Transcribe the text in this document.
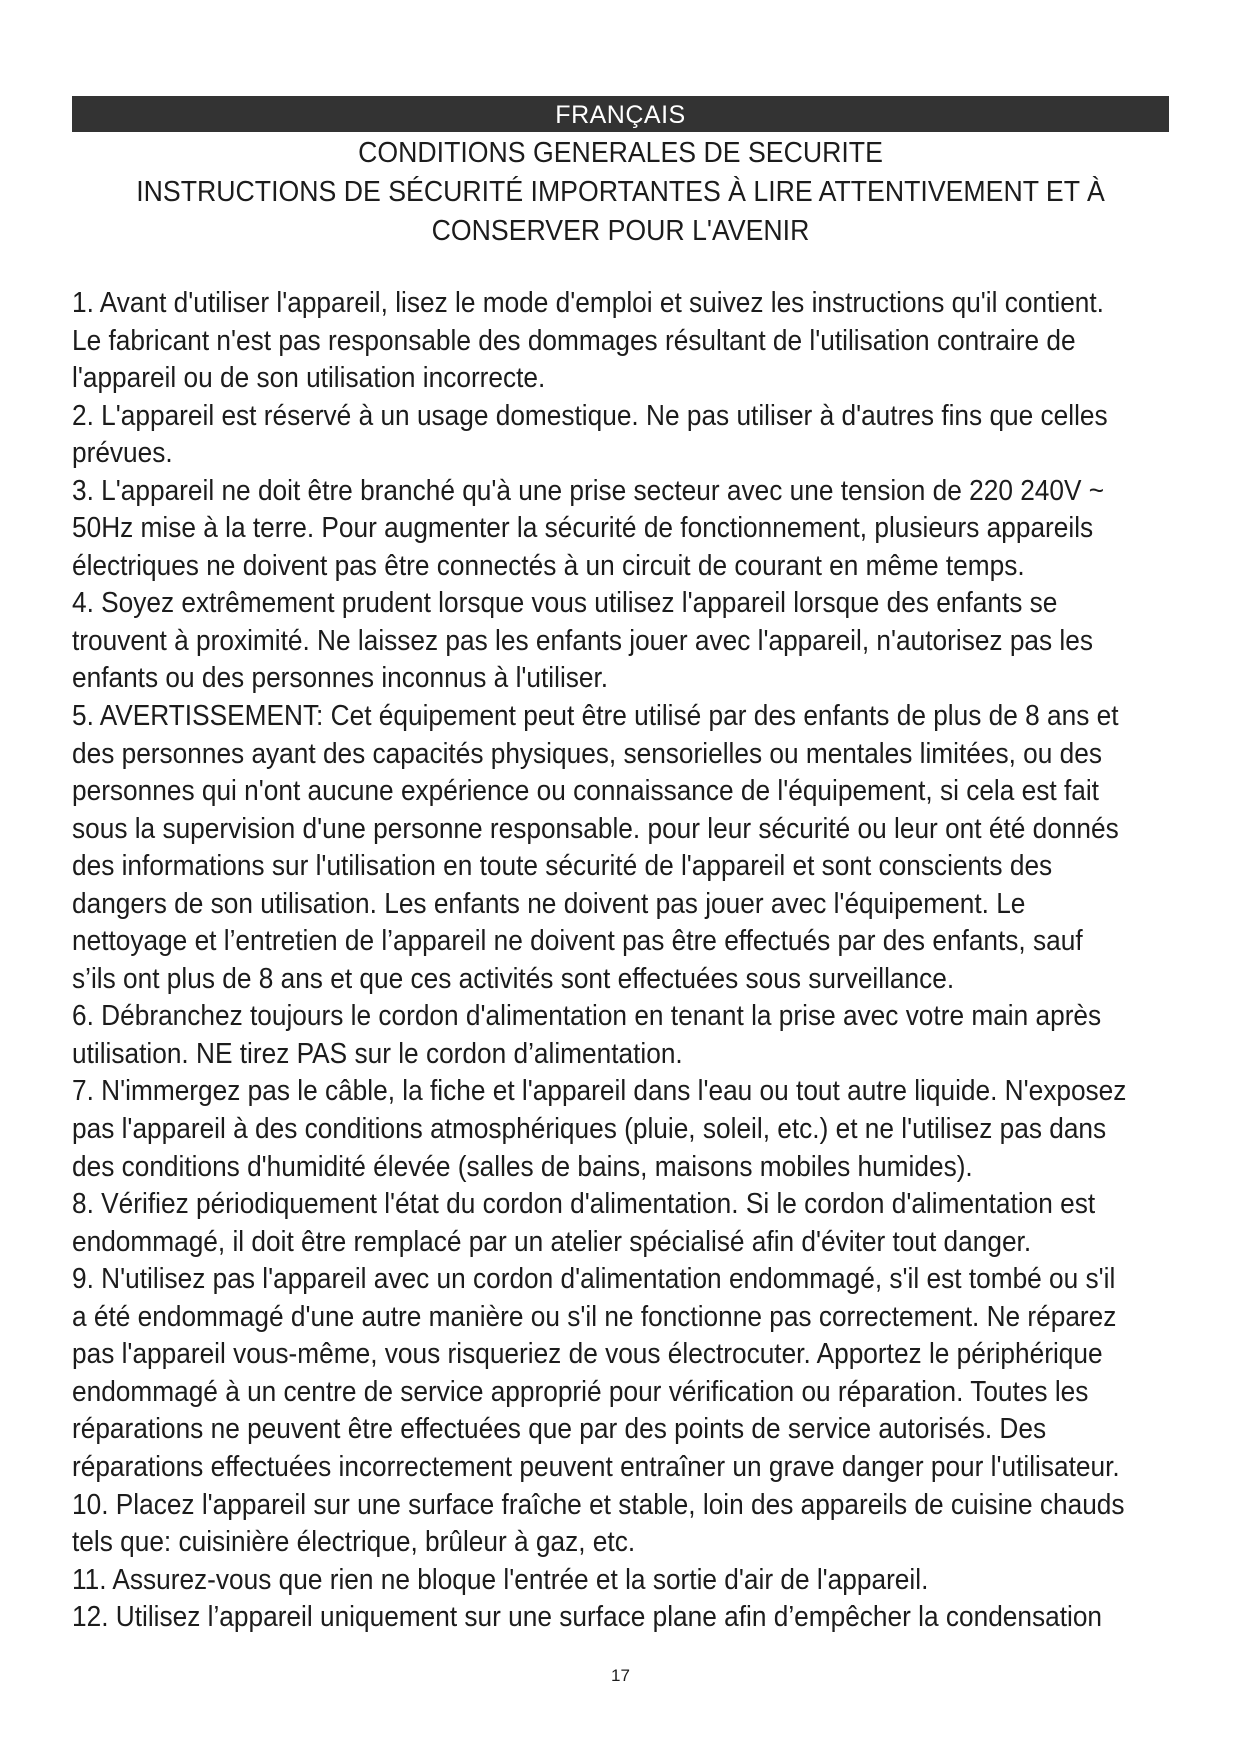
FRANÇAIS
CONDITIONS GENERALES DE SECURITE
INSTRUCTIONS DE SÉCURITÉ IMPORTANTES À LIRE ATTENTIVEMENT ET À
CONSERVER POUR L'AVENIR
1. Avant d'utiliser l'appareil, lisez le mode d'emploi et suivez les instructions qu'il contient.
Le fabricant n'est pas responsable des dommages résultant de l'utilisation contraire de
l'appareil ou de son utilisation incorrecte.
2. L'appareil est réservé à un usage domestique. Ne pas utiliser à d'autres fins que celles
prévues.
3. L'appareil ne doit être branché qu'à une prise secteur avec une tension de 220 240V ~
50Hz mise à la terre. Pour augmenter la sécurité de fonctionnement, plusieurs appareils
électriques ne doivent pas être connectés à un circuit de courant en même temps.
4. Soyez extrêmement prudent lorsque vous utilisez l'appareil lorsque des enfants se
trouvent à proximité. Ne laissez pas les enfants jouer avec l'appareil, n'autorisez pas les
enfants ou des personnes inconnus à l'utiliser.
5. AVERTISSEMENT: Cet équipement peut être utilisé par des enfants de plus de 8 ans et
des personnes ayant des capacités physiques, sensorielles ou mentales limitées, ou des
personnes qui n'ont aucune expérience ou connaissance de l'équipement, si cela est fait
sous la supervision d'une personne responsable. pour leur sécurité ou leur ont été donnés
des informations sur l'utilisation en toute sécurité de l'appareil et sont conscients des
dangers de son utilisation. Les enfants ne doivent pas jouer avec l'équipement. Le
nettoyage et l’entretien de l’appareil ne doivent pas être effectués par des enfants, sauf
s’ils ont plus de 8 ans et que ces activités sont effectuées sous surveillance.
6. Débranchez toujours le cordon d'alimentation en tenant la prise avec votre main après
utilisation. NE tirez PAS sur le cordon d’alimentation.
7. N'immergez pas le câble, la fiche et l'appareil dans l'eau ou tout autre liquide. N'exposez
pas l'appareil à des conditions atmosphériques (pluie, soleil, etc.) et ne l'utilisez pas dans
des conditions d'humidité élevée (salles de bains, maisons mobiles humides).
8. Vérifiez périodiquement l'état du cordon d'alimentation. Si le cordon d'alimentation est
endommagé, il doit être remplacé par un atelier spécialisé afin d'éviter tout danger.
9. N'utilisez pas l'appareil avec un cordon d'alimentation endommagé, s'il est tombé ou s'il
a été endommagé d'une autre manière ou s'il ne fonctionne pas correctement. Ne réparez
pas l'appareil vous-même, vous risqueriez de vous électrocuter. Apportez le périphérique
endommagé à un centre de service approprié pour vérification ou réparation. Toutes les
réparations ne peuvent être effectuées que par des points de service autorisés. Des
réparations effectuées incorrectement peuvent entraîner un grave danger pour l'utilisateur.
10. Placez l'appareil sur une surface fraîche et stable, loin des appareils de cuisine chauds
tels que: cuisinière électrique, brûleur à gaz, etc.
11. Assurez-vous que rien ne bloque l'entrée et la sortie d'air de l'appareil.
12. Utilisez l’appareil uniquement sur une surface plane afin d’empêcher la condensation
17
